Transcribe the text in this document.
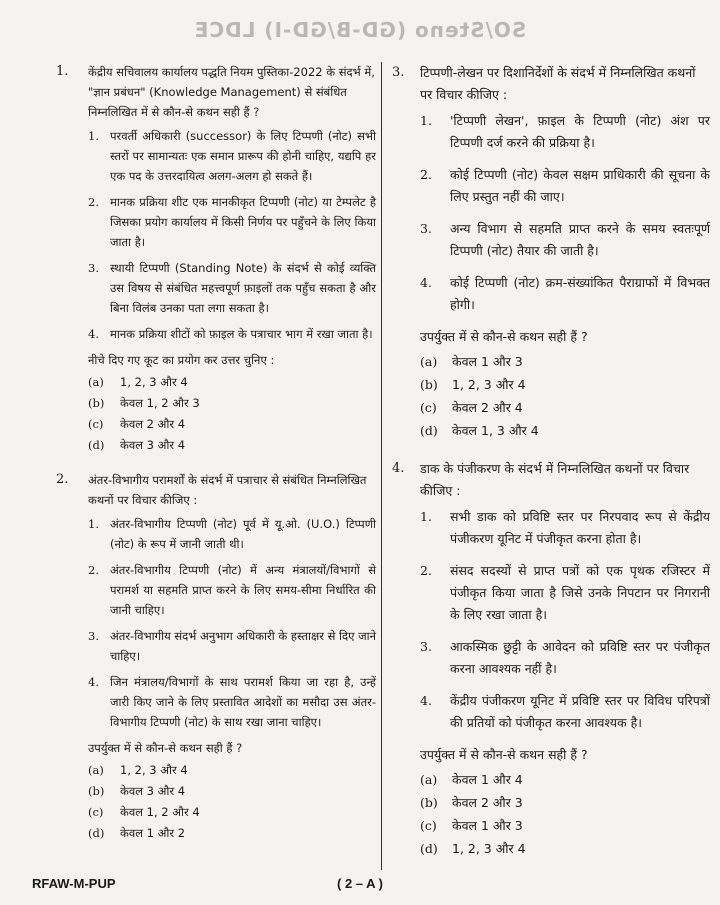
SO/Steno (GD-B/GD-I) LDCE
1. केंद्रीय सचिवालय कार्यालय पद्धति नियम पुस्तिका-2022 के संदर्भ में, "ज्ञान प्रबंधन" (Knowledge Management) से संबंधित निम्नलिखित में से कौन-से कथन सही हैं ?
1. परवर्ती अधिकारी (successor) के लिए टिप्पणी (नोट) सभी स्तरों पर सामान्यतः एक समान प्रारूप की होनी चाहिए, यद्यपि हर एक पद के उत्तरदायित्व अलग-अलग हो सकते हैं।
2. मानक प्रक्रिया शीट एक मानकीकृत टिप्पणी (नोट) या टेम्पलेट है जिसका प्रयोग कार्यालय में किसी निर्णय पर पहुँचने के लिए किया जाता है।
3. स्थायी टिप्पणी (Standing Note) के संदर्भ से कोई व्यक्ति उस विषय से संबंधित महत्त्वपूर्ण फ़ाइलों तक पहुँच सकता है और बिना विलंब उनका पता लगा सकता है।
4. मानक प्रक्रिया शीटों को फ़ाइल के पत्राचार भाग में रखा जाता है।
नीचे दिए गए कूट का प्रयोग कर उत्तर चुनिए :
(a) 1, 2, 3 और 4
(b) केवल 1, 2 और 3
(c) केवल 2 और 4
(d) केवल 3 और 4
2. अंतर-विभागीय परामर्शों के संदर्भ में पत्राचार से संबंधित निम्नलिखित कथनों पर विचार कीजिए :
1. अंतर-विभागीय टिप्पणी (नोट) पूर्व में यू.ओ. (U.O.) टिप्पणी (नोट) के रूप में जानी जाती थी।
2. अंतर-विभागीय टिप्पणी (नोट) में अन्य मंत्रालयों/विभागों से परामर्श या सहमति प्राप्त करने के लिए समय-सीमा निर्धारित की जानी चाहिए।
3. अंतर-विभागीय संदर्भ अनुभाग अधिकारी के हस्ताक्षर से दिए जाने चाहिए।
4. जिन मंत्रालय/विभागों के साथ परामर्श किया जा रहा है, उन्हें जारी किए जाने के लिए प्रस्तावित आदेशों का मसौदा उस अंतर-विभागीय टिप्पणी (नोट) के साथ रखा जाना चाहिए।
उपर्युक्त में से कौन-से कथन सही हैं ?
(a) 1, 2, 3 और 4
(b) केवल 3 और 4
(c) केवल 1, 2 और 4
(d) केवल 1 और 2
3. टिप्पणी-लेखन पर दिशानिर्देशों के संदर्भ में निम्नलिखित कथनों पर विचार कीजिए :
1. 'टिप्पणी लेखन', फ़ाइल के टिप्पणी (नोट) अंश पर टिप्पणी दर्ज करने की प्रक्रिया है।
2. कोई टिप्पणी (नोट) केवल सक्षम प्राधिकारी की सूचना के लिए प्रस्तुत नहीं की जाए।
3. अन्य विभाग से सहमति प्राप्त करने के समय स्वतःपूर्ण टिप्पणी (नोट) तैयार की जाती है।
4. कोई टिप्पणी (नोट) क्रम-संख्यांकित पैराग्राफों में विभक्त होगी।
उपर्युक्त में से कौन-से कथन सही हैं ?
(a) केवल 1 और 3
(b) 1, 2, 3 और 4
(c) केवल 2 और 4
(d) केवल 1, 3 और 4
4. डाक के पंजीकरण के संदर्भ में निम्नलिखित कथनों पर विचार कीजिए :
1. सभी डाक को प्रविष्टि स्तर पर निरपवाद रूप से केंद्रीय पंजीकरण यूनिट में पंजीकृत करना होता है।
2. संसद सदस्यों से प्राप्त पत्रों को एक पृथक रजिस्टर में पंजीकृत किया जाता है जिसे उनके निपटान पर निगरानी के लिए रखा जाता है।
3. आकस्मिक छुट्टी के आवेदन को प्रविष्टि स्तर पर पंजीकृत करना आवश्यक नहीं है।
4. केंद्रीय पंजीकरण यूनिट में प्रविष्टि स्तर पर विविध परिपत्रों की प्रतियों को पंजीकृत करना आवश्यक है।
उपर्युक्त में से कौन-से कथन सही हैं ?
(a) केवल 1 और 4
(b) केवल 2 और 3
(c) केवल 1 और 3
(d) 1, 2, 3 और 4
RFAW-M-PUP	( 2 – A )
